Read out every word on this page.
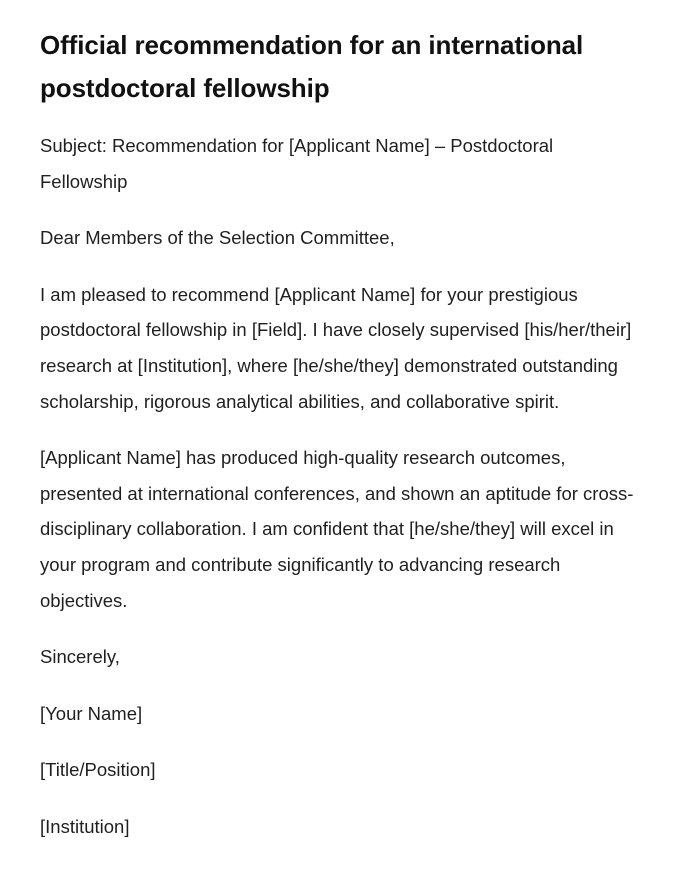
Official recommendation for an international postdoctoral fellowship

Subject: Recommendation for [Applicant Name] – Postdoctoral Fellowship

Dear Members of the Selection Committee,

I am pleased to recommend [Applicant Name] for your prestigious postdoctoral fellowship in [Field]. I have closely supervised [his/her/their] research at [Institution], where [he/she/they] demonstrated outstanding scholarship, rigorous analytical abilities, and collaborative spirit.

[Applicant Name] has produced high-quality research outcomes, presented at international conferences, and shown an aptitude for cross-disciplinary collaboration. I am confident that [he/she/they] will excel in your program and contribute significantly to advancing research objectives.

Sincerely,

[Your Name]

[Title/Position]

[Institution]
